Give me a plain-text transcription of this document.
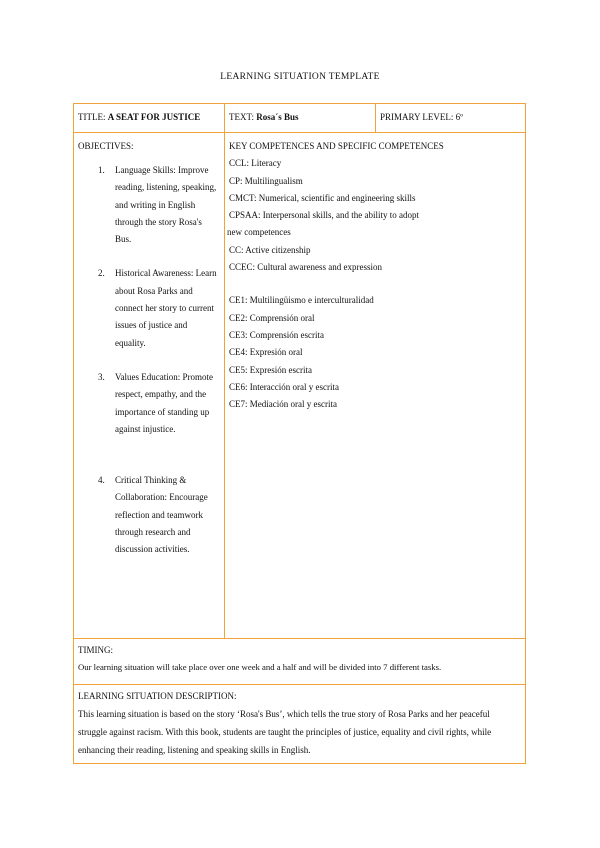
LEARNING SITUATION TEMPLATE
TITLE: A SEAT FOR JUSTICE	TEXT: Rosa´s Bus	PRIMARY LEVEL: 6º
OBJECTIVES:
1. Language Skills: Improve reading, listening, speaking, and writing in English through the story Rosa's Bus.
2. Historical Awareness: Learn about Rosa Parks and connect her story to current issues of justice and equality.
3. Values Education: Promote respect, empathy, and the importance of standing up against injustice.
4. Critical Thinking & Collaboration: Encourage reflection and teamwork through research and discussion activities.
KEY COMPETENCES AND SPECIFIC COMPETENCES
CCL: Literacy
CP: Multilingualism
CMCT: Numerical, scientific and engineering skills
CPSAA: Interpersonal skills, and the ability to adopt
new competences
CC: Active citizenship
CCEC: Cultural awareness and expression
CE1: Multilingüismo e interculturalidad
CE2: Comprensión oral
CE3: Comprensión escrita
CE4: Expresión oral
CE5: Expresión escrita
CE6: Interacción oral y escrita
CE7: Mediación oral y escrita
TIMING:
Our learning situation will take place over one week and a half and will be divided into 7 different tasks.
LEARNING SITUATION DESCRIPTION:
This learning situation is based on the story ‘Rosa's Bus’, which tells the true story of Rosa Parks and her peaceful struggle against racism. With this book, students are taught the principles of justice, equality and civil rights, while enhancing their reading, listening and speaking skills in English.
